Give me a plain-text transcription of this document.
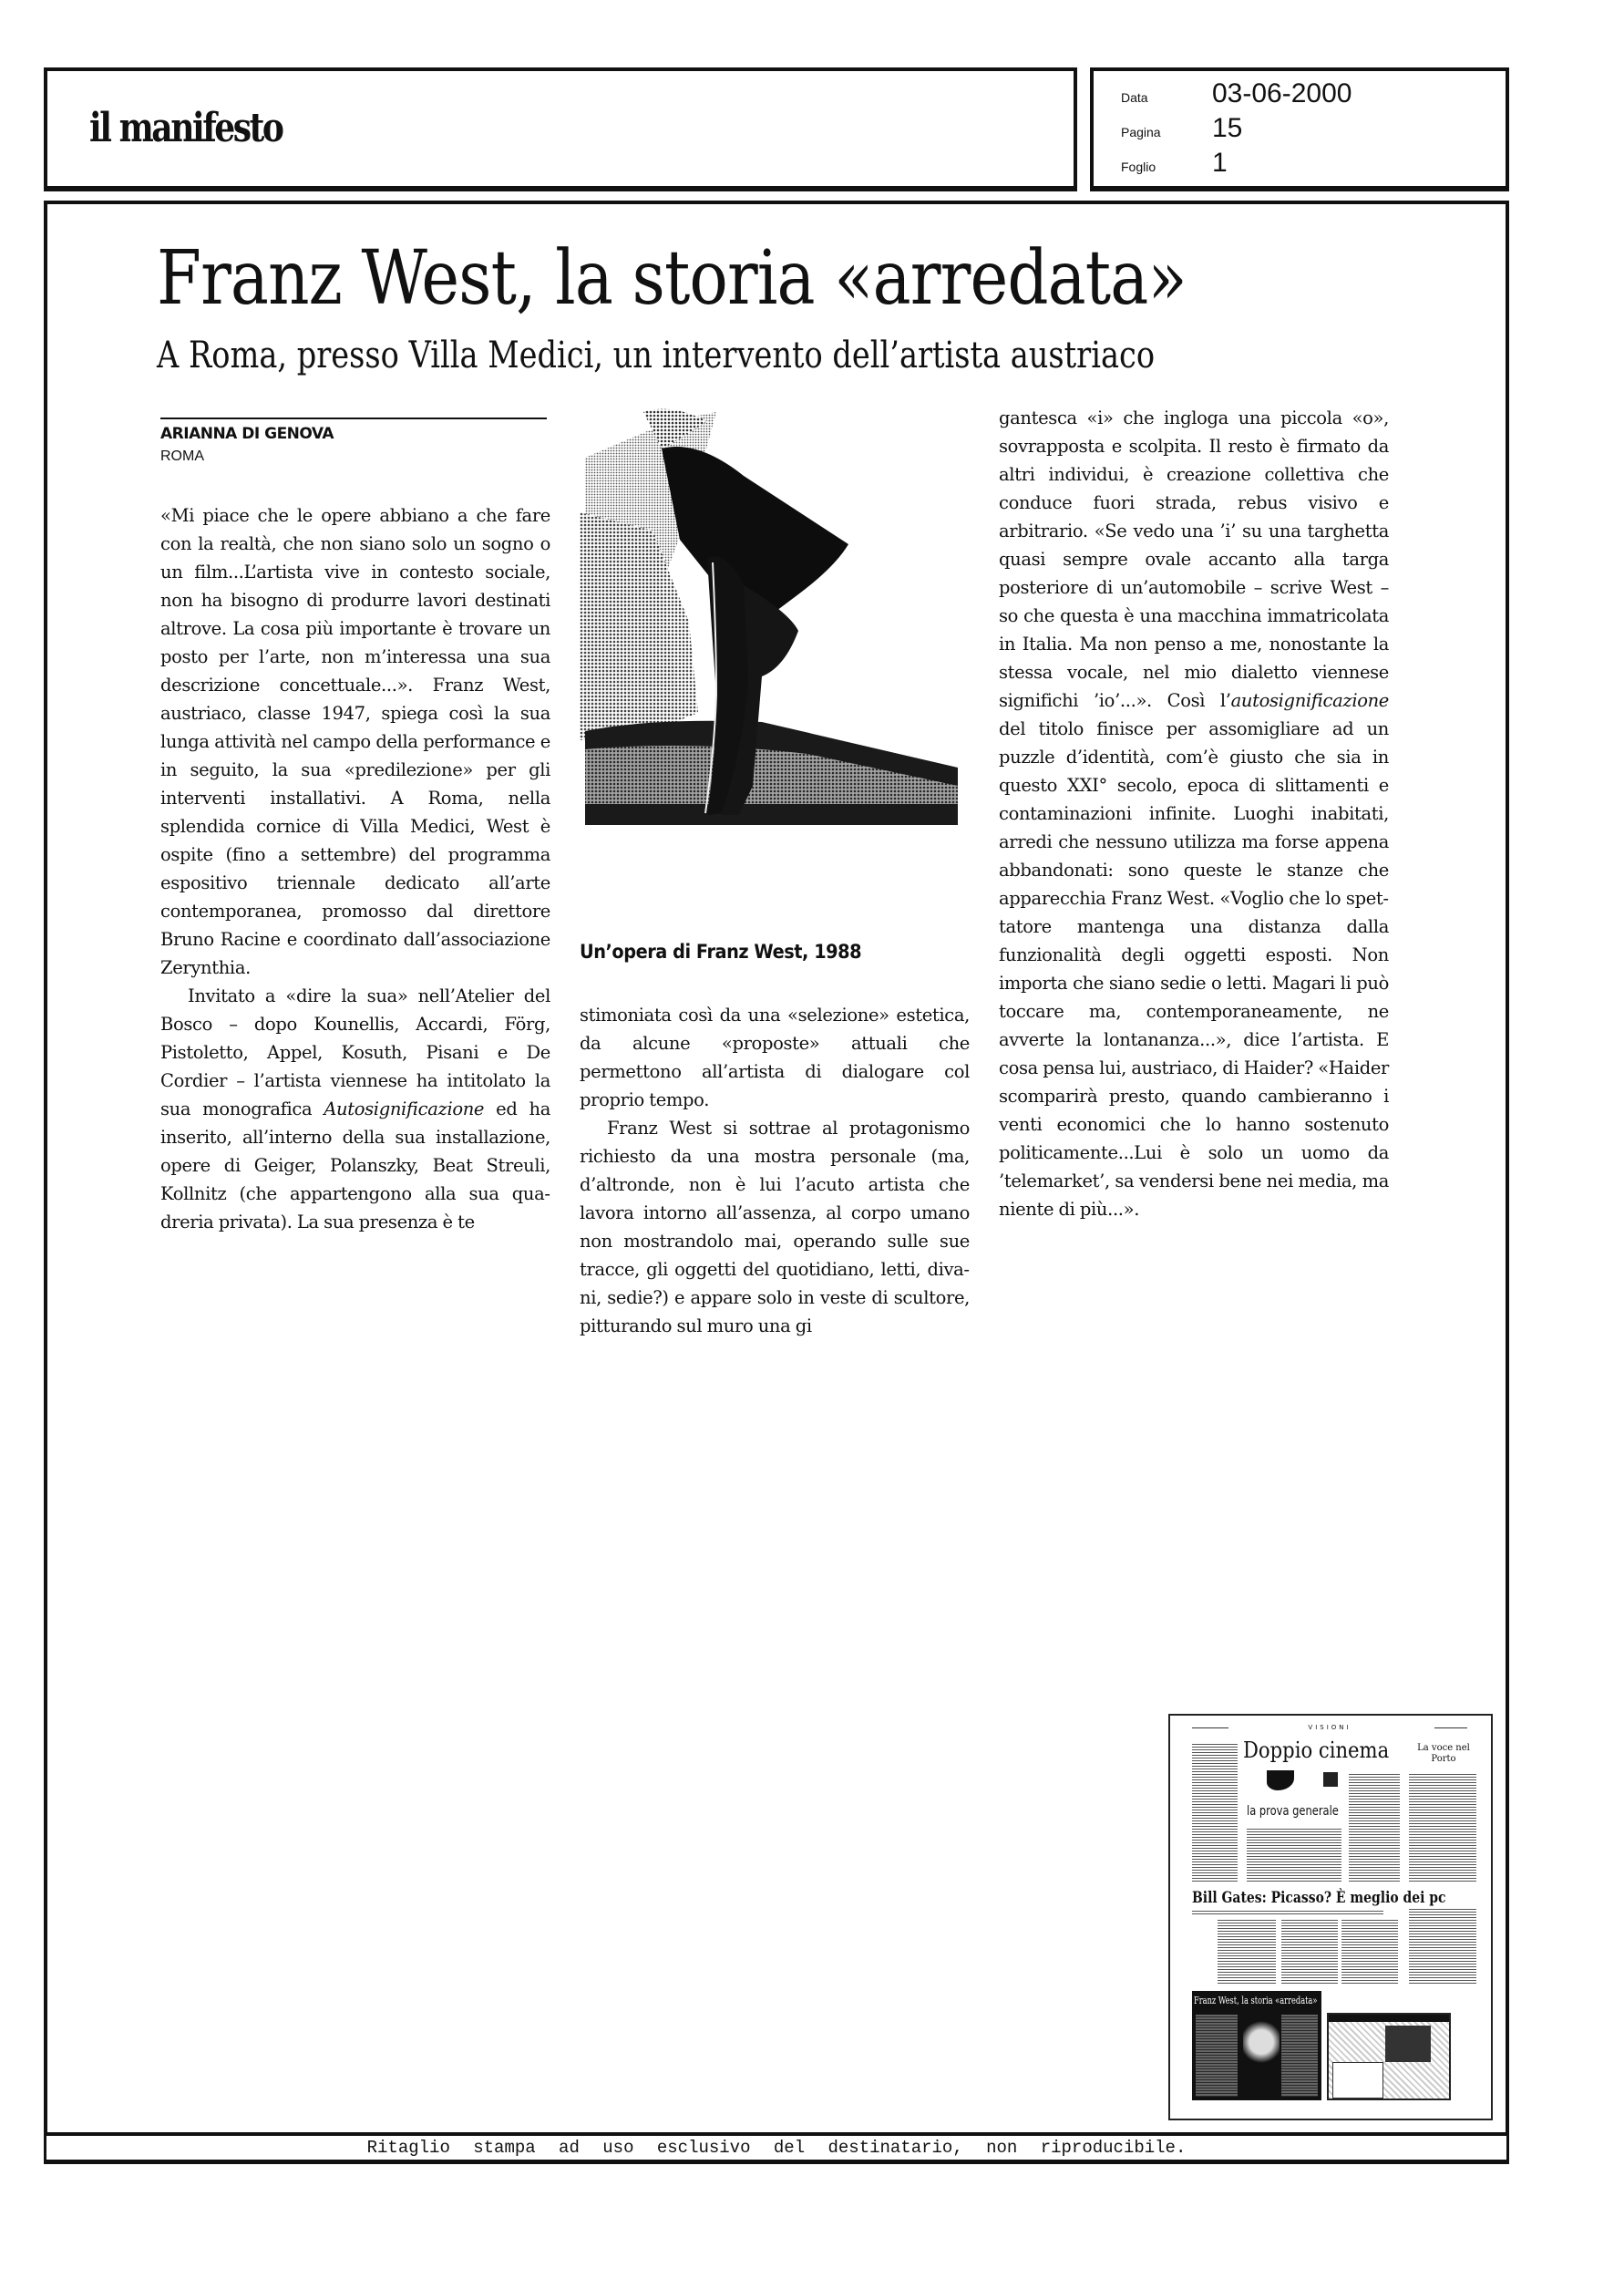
il manifesto
Data	03-06-2000
Pagina	15
Foglio	1
Franz West, la storia «arredata»
A Roma, presso Villa Medici, un intervento dell’artista austriaco
ARIANNA DI GENOVA
ROMA

«Mi piace che le opere abbiano a che fare con la realtà, che non siano solo un sogno o un film...L’artista vive in contesto sociale, non ha bisogno di produrre lavori destinati altrove. La cosa più importante è trovare un posto per l’arte, non m’interessa una sua descrizione concettuale...». Franz West, austriaco, classe 1947, spiega così la sua lunga attività nel campo della performance e in seguito, la sua «predilezione» per gli interventi installativi. A Roma, nella splendida cornice di Villa Medici, West è ospite (fino a settembre) del programma espositivo triennale dedicato all’arte contemporanea, promosso dal direttore Bruno Racine e coordinato dall’associazione Zerynthia.

Invitato a «dire la sua» nell’Atelier del Bosco – dopo Kounellis, Accardi, Förg, Pistoletto, Appel, Kosuth, Pisani e De Cordier – l’artista viennese ha intitolato la sua monografica Autosignificazione ed ha inserito, all’interno della sua installazione, opere di Geiger, Polanszky, Beat Streuli, Kollnitz (che appartengono alla sua quadreria privata). La sua presenza è te

Un’opera di Franz West, 1988

stimoniata così da una «selezione» estetica, da alcune «proposte» attuali che permettono all’artista di dialogare col proprio tempo.

Franz West si sottrae al protagonismo richiesto da una mostra personale (ma, d’altronde, non è lui l’acuto artista che lavora intorno all’assenza, al corpo umano non mostrandolo mai, operando sulle sue tracce, gli oggetti del quotidiano, letti, divani, sedie?) e appare solo in veste di scultore, pitturando sul muro una gi

gantesca «i» che ingloga una piccola «o», sovrapposta e scolpita. Il resto è firmato da altri individui, è creazione collettiva che conduce fuori strada, rebus visivo e arbitrario. «Se vedo una ’i’ su una targhetta quasi sempre ovale accanto alla targa posteriore di un’automobile – scrive West – so che questa è una macchina immatricolata in Italia. Ma non penso a me, nonostante la stessa vocale, nel mio dialetto viennese significhi ’io’...». Così l’autosignificazione del titolo finisce per assomigliare ad un puzzle d’identità, com’è giusto che sia in questo XXI° secolo, epoca di slittamenti e contaminazioni infinite. Luoghi inabitati, arredi che nessuno utilizza ma forse appena abbandonati: sono queste le stanze che apparecchia Franz West. «Voglio che lo spettatore mantenga una distanza dalla funzionalità degli oggetti esposti. Non importa che siano sedie o letti. Magari li può toccare ma, contemporaneamente, ne avverte la lontananza...», dice l’artista. E cosa pensa lui, austriaco, di Haider? «Haider scomparirà presto, quando cambieranno i venti economici che lo hanno sostenuto politicamente...Lui è solo un uomo da ’telemarket’, sa vendersi bene nei media, ma niente di più...».

VISIONI
Doppio cinema	La voce nel Porto
la prova generale
Bill Gates: Picasso? È meglio dei pc
Franz West, la storia «arredata»
Ritaglio stampa ad uso esclusivo del destinatario, non riproducibile.
